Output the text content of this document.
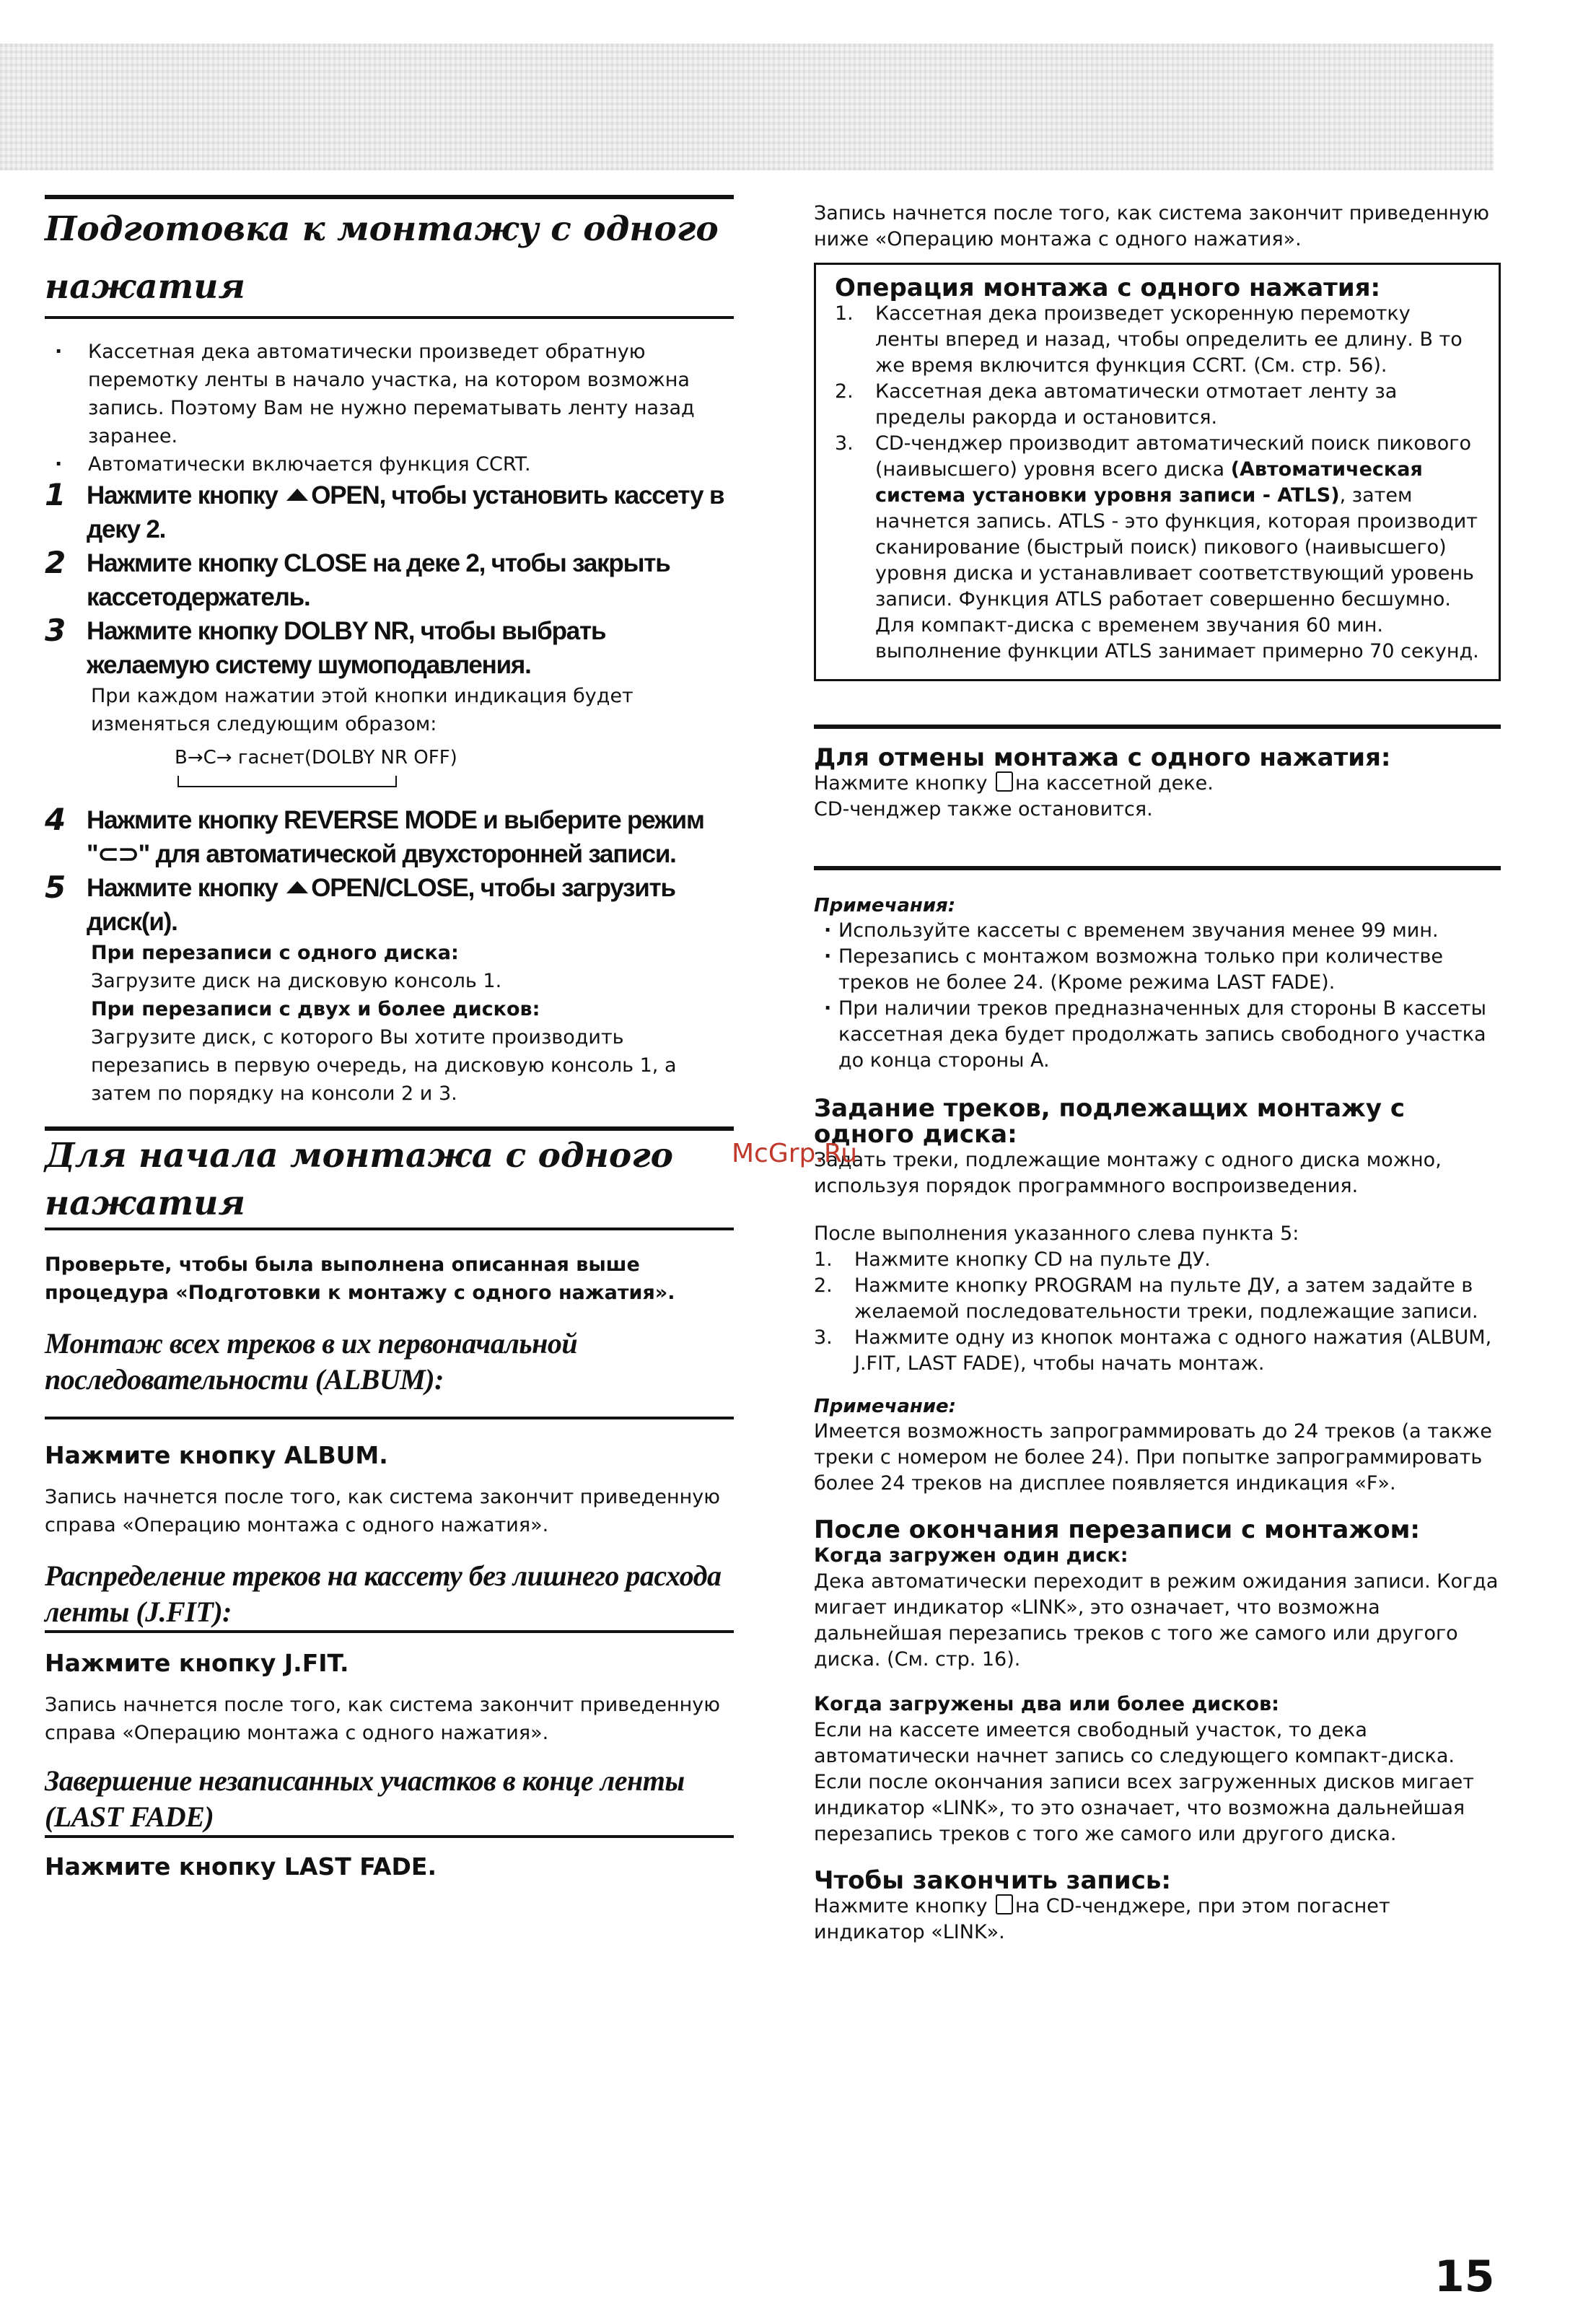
Подготовка к монтажу с одного нажатия
· Кассетная дека автоматически произведет обратную перемотку ленты в начало участка, на котором возможна запись. Поэтому Вам не нужно перематывать ленту назад заранее.
· Автоматически включается функция CCRT.
1 Нажмите кнопку OPEN, чтобы установить кассету в деку 2.
2 Нажмите кнопку CLOSE на деке 2, чтобы закрыть кассетодержатель.
3 Нажмите кнопку DOLBY NR, чтобы выбрать желаемую систему шумоподавления.

При каждом нажатии этой кнопки индикация будет изменяться следующим образом:

B→C→ гаснет(DOLBY NR OFF)
4 Нажмите кнопку REVERSE MODE и выберите режим "⊂⊃" для автоматической двухсторонней записи.
5 Нажмите кнопку OPEN/CLOSE, чтобы загрузить диск(и).

При перезаписи с одного диска:

Загрузите диск на дисковую консоль 1.

При перезаписи с двух и более дисков:

Загрузите диск, с которого Вы хотите производить перезапись в первую очередь, на дисковую консоль 1, а затем по порядку на консоли 2 и 3.

Для начала монтажа с одного нажатия

Проверьте, чтобы была выполнена описанная выше процедура «Подготовки к монтажу с одного нажатия».

Монтаж всех треков в их первоначальной последовательности (ALBUM):

Нажмите кнопку ALBUM.

Запись начнется после того, как система закончит приведенную справа «Операцию монтажа с одного нажатия».

Распределение треков на кассету без лишнего расхода ленты (J.FIT):

Нажмите кнопку J.FIT.

Запись начнется после того, как система закончит приведенную справа «Операцию монтажа с одного нажатия».

Завершение незаписанных участков в конце ленты (LAST FADE)

Нажмите кнопку LAST FADE.

Запись начнется после того, как система закончит приведенную ниже «Операцию монтажа с одного нажатия».

Операция монтажа с одного нажатия:

1.	Кассетная дека произведет ускоренную перемотку ленты вперед и назад, чтобы определить ее длину. В то же время включится функция CCRT. (См. стр. 56).
2.	Кассетная дека автоматически отмотает ленту за пределы ракорда и остановится.
3.	CD-ченджер производит автоматический поиск пикового (наивысшего) уровня всего диска (Автоматическая система установки уровня записи - ATLS), затем начнется запись. ATLS - это функция, которая производит сканирование (быстрый поиск) пикового (наивысшего) уровня диска и устанавливает соответствующий уровень записи. Функция ATLS работает совершенно бесшумно. Для компакт-диска с временем звучания 60 мин. выполнение функции ATLS занимает примерно 70 секунд.

Для отмены монтажа с одного нажатия:

Нажмите кнопку на кассетной деке.

CD-ченджер также остановится.

Примечания:

· Используйте кассеты с временем звучания менее 99 мин.
· Перезапись с монтажом возможна только при количестве треков не более 24. (Кроме режима LAST FADE).
· При наличии треков предназначенных для стороны B кассеты кассетная дека будет продолжать запись свободного участка до конца стороны A.

Задание треков, подлежащих монтажу с одного диска:

Задать треки, подлежащие монтажу с одного диска можно, используя порядок программного воспроизведения.

После выполнения указанного слева пункта 5:

1.	Нажмите кнопку CD на пульте ДУ.
2.	Нажмите кнопку PROGRAM на пульте ДУ, а затем задайте в желаемой последовательности треки, подлежащие записи.
3.	Нажмите одну из кнопок монтажа с одного нажатия (ALBUM, J.FIT, LAST FADE), чтобы начать монтаж.

Примечание:

Имеется возможность запрограммировать до 24 треков (а также треки с номером не более 24). При попытке запрограммировать более 24 треков на дисплее появляется индикация «F».

После окончания перезаписи с монтажом:

Когда загружен один диск:

Дека автоматически переходит в режим ожидания записи. Когда мигает индикатор «LINK», это означает, что возможна дальнейшая перезапись треков с того же самого или другого диска. (См. стр. 16).

Когда загружены два или более дисков:

Если на кассете имеется свободный участок, то дека автоматически начнет запись со следующего компакт-диска.

Если после окончания записи всех загруженных дисков мигает индикатор «LINK», то это означает, что возможна дальнейшая перезапись треков с того же самого или другого диска.

Чтобы закончить запись:

Нажмите кнопку на CD-ченджере, при этом погаснет индикатор «LINK».

McGrp.Ru
15
